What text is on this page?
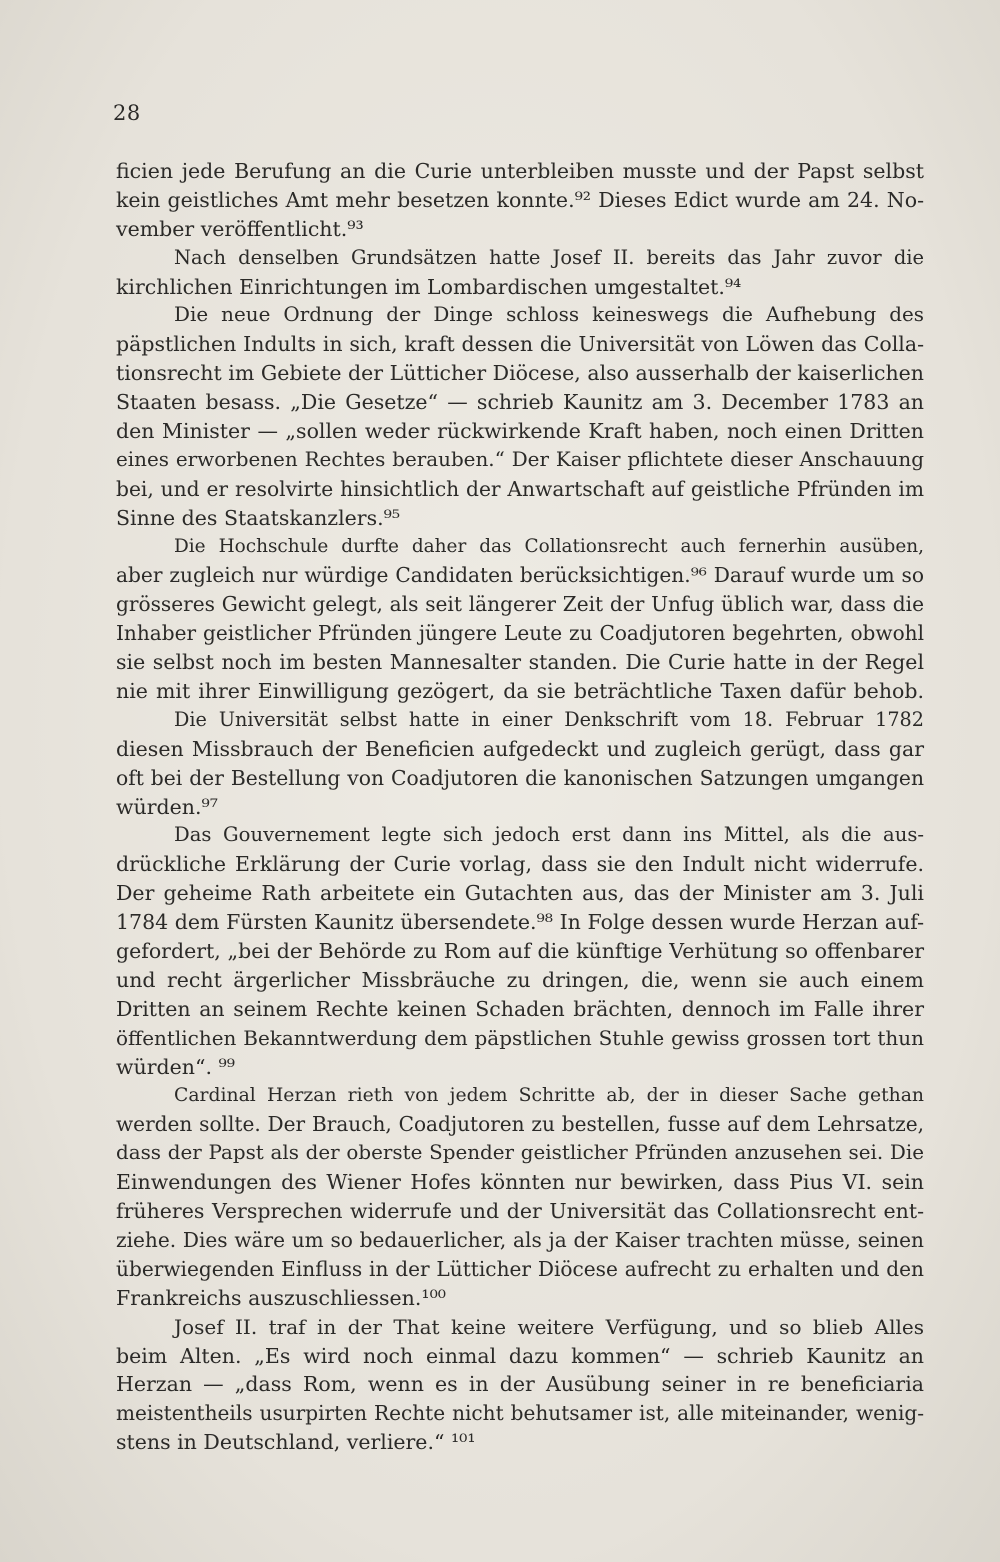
28
ficien jede Berufung an die Curie unterbleiben musste und der Papst selbst
kein geistliches Amt mehr besetzen konnte.⁹² Dieses Edict wurde am 24. No-
vember veröffentlicht.⁹³
Nach denselben Grundsätzen hatte Josef II. bereits das Jahr zuvor die
kirchlichen Einrichtungen im Lombardischen umgestaltet.⁹⁴
Die neue Ordnung der Dinge schloss keineswegs die Aufhebung des
päpstlichen Indults in sich, kraft dessen die Universität von Löwen das Colla-
tionsrecht im Gebiete der Lütticher Diöcese, also ausserhalb der kaiserlichen
Staaten besass. „Die Gesetze“ — schrieb Kaunitz am 3. December 1783 an
den Minister — „sollen weder rückwirkende Kraft haben, noch einen Dritten
eines erworbenen Rechtes berauben.“ Der Kaiser pflichtete dieser Anschauung
bei, und er resolvirte hinsichtlich der Anwartschaft auf geistliche Pfründen im
Sinne des Staatskanzlers.⁹⁵
Die Hochschule durfte daher das Collationsrecht auch fernerhin ausüben,
aber zugleich nur würdige Candidaten berücksichtigen.⁹⁶ Darauf wurde um so
grösseres Gewicht gelegt, als seit längerer Zeit der Unfug üblich war, dass die
Inhaber geistlicher Pfründen jüngere Leute zu Coadjutoren begehrten, obwohl
sie selbst noch im besten Mannesalter standen. Die Curie hatte in der Regel
nie mit ihrer Einwilligung gezögert, da sie beträchtliche Taxen dafür behob.
Die Universität selbst hatte in einer Denkschrift vom 18. Februar 1782
diesen Missbrauch der Beneficien aufgedeckt und zugleich gerügt, dass gar
oft bei der Bestellung von Coadjutoren die kanonischen Satzungen umgangen
würden.⁹⁷
Das Gouvernement legte sich jedoch erst dann ins Mittel, als die aus-
drückliche Erklärung der Curie vorlag, dass sie den Indult nicht widerrufe.
Der geheime Rath arbeitete ein Gutachten aus, das der Minister am 3. Juli
1784 dem Fürsten Kaunitz übersendete.⁹⁸ In Folge dessen wurde Herzan auf-
gefordert, „bei der Behörde zu Rom auf die künftige Verhütung so offenbarer
und recht ärgerlicher Missbräuche zu dringen, die, wenn sie auch einem
Dritten an seinem Rechte keinen Schaden brächten, dennoch im Falle ihrer
öffentlichen Bekanntwerdung dem päpstlichen Stuhle gewiss grossen tort thun
würden“. ⁹⁹
Cardinal Herzan rieth von jedem Schritte ab, der in dieser Sache gethan
werden sollte. Der Brauch, Coadjutoren zu bestellen, fusse auf dem Lehrsatze,
dass der Papst als der oberste Spender geistlicher Pfründen anzusehen sei. Die
Einwendungen des Wiener Hofes könnten nur bewirken, dass Pius VI. sein
früheres Versprechen widerrufe und der Universität das Collationsrecht ent-
ziehe. Dies wäre um so bedauerlicher, als ja der Kaiser trachten müsse, seinen
überwiegenden Einfluss in der Lütticher Diöcese aufrecht zu erhalten und den
Frankreichs auszuschliessen.¹⁰⁰
Josef II. traf in der That keine weitere Verfügung, und so blieb Alles
beim Alten. „Es wird noch einmal dazu kommen“ — schrieb Kaunitz an
Herzan — „dass Rom, wenn es in der Ausübung seiner in re beneficiaria
meistentheils usurpirten Rechte nicht behutsamer ist, alle miteinander, wenig-
stens in Deutschland, verliere.“ ¹⁰¹
